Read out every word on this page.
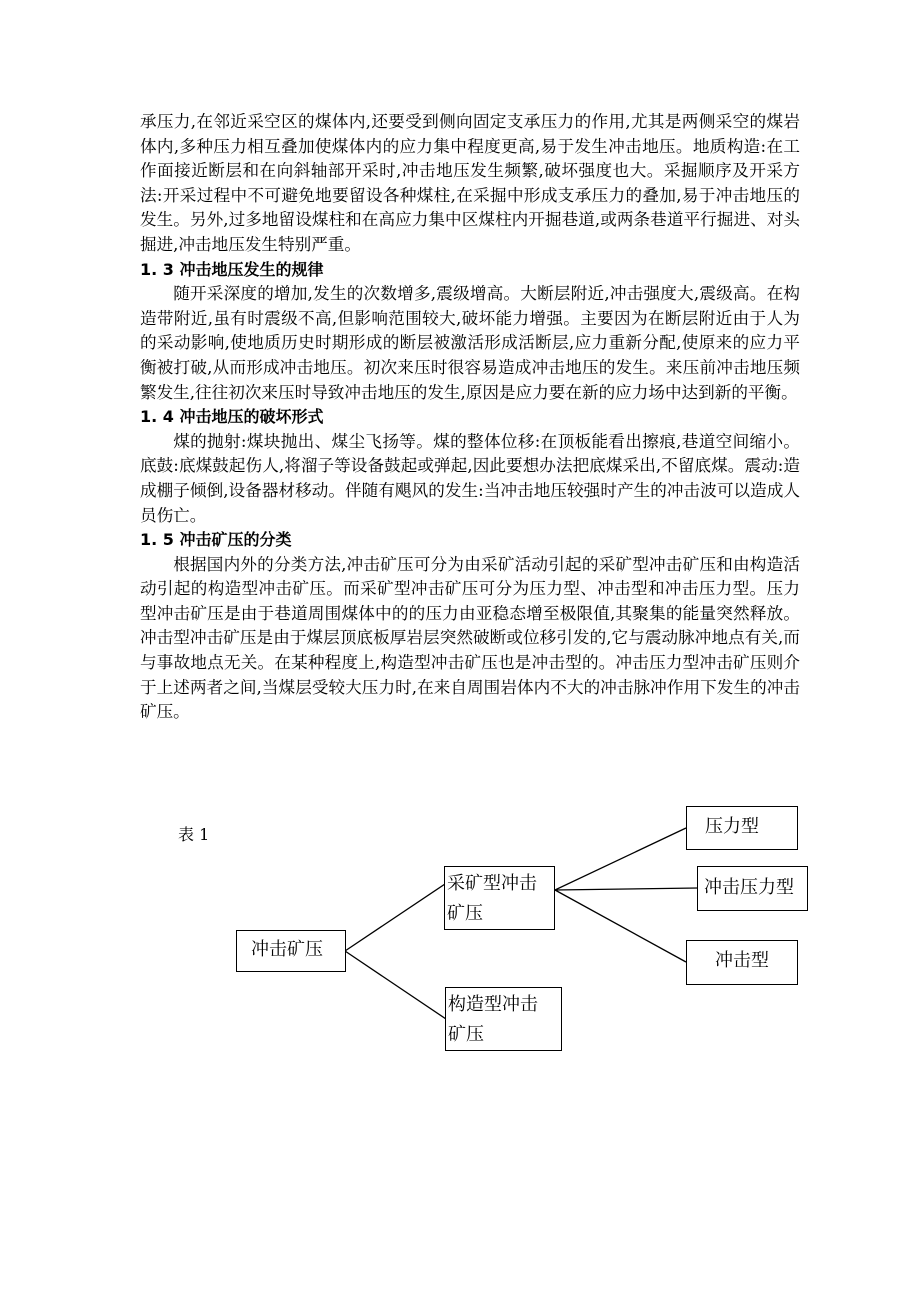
承压力,在邻近采空区的煤体内,还要受到侧向固定支承压力的作用,尤其是两侧采空的煤岩体内,多种压力相互叠加使煤体内的应力集中程度更高,易于发生冲击地压。地质构造:在工作面接近断层和在向斜轴部开采时,冲击地压发生频繁,破坏强度也大。采掘顺序及开采方法:开采过程中不可避免地要留设各种煤柱,在采掘中形成支承压力的叠加,易于冲击地压的发生。另外,过多地留设煤柱和在高应力集中区煤柱内开掘巷道,或两条巷道平行掘进、对头掘进,冲击地压发生特别严重。

1. 3 冲击地压发生的规律

随开采深度的增加,发生的次数增多,震级增高。大断层附近,冲击强度大,震级高。在构造带附近,虽有时震级不高,但影响范围较大,破坏能力增强。主要因为在断层附近由于人为的采动影响,使地质历史时期形成的断层被激活形成活断层,应力重新分配,使原来的应力平衡被打破,从而形成冲击地压。初次来压时很容易造成冲击地压的发生。来压前冲击地压频繁发生,往往初次来压时导致冲击地压的发生,原因是应力要在新的应力场中达到新的平衡。

1. 4 冲击地压的破坏形式

煤的抛射:煤块抛出、煤尘飞扬等。煤的整体位移:在顶板能看出擦痕,巷道空间缩小。底鼓:底煤鼓起伤人,将溜子等设备鼓起或弹起,因此要想办法把底煤采出,不留底煤。震动:造成棚子倾倒,设备器材移动。伴随有飓风的发生:当冲击地压较强时产生的冲击波可以造成人员伤亡。

1. 5 冲击矿压的分类

根据国内外的分类方法,冲击矿压可分为由采矿活动引起的采矿型冲击矿压和由构造活动引起的构造型冲击矿压。而采矿型冲击矿压可分为压力型、冲击型和冲击压力型。压力型冲击矿压是由于巷道周围煤体中的的压力由亚稳态增至极限值,其聚集的能量突然释放。冲击型冲击矿压是由于煤层顶底板厚岩层突然破断或位移引发的,它与震动脉冲地点有关,而与事故地点无关。在某种程度上,构造型冲击矿压也是冲击型的。冲击压力型冲击矿压则介于上述两者之间,当煤层受较大压力时,在来自周围岩体内不大的冲击脉冲作用下发生的冲击矿压。

表 1
冲击矿压
采矿型冲击
矿压
构造型冲击
矿压
压力型
冲击压力型
冲击型
